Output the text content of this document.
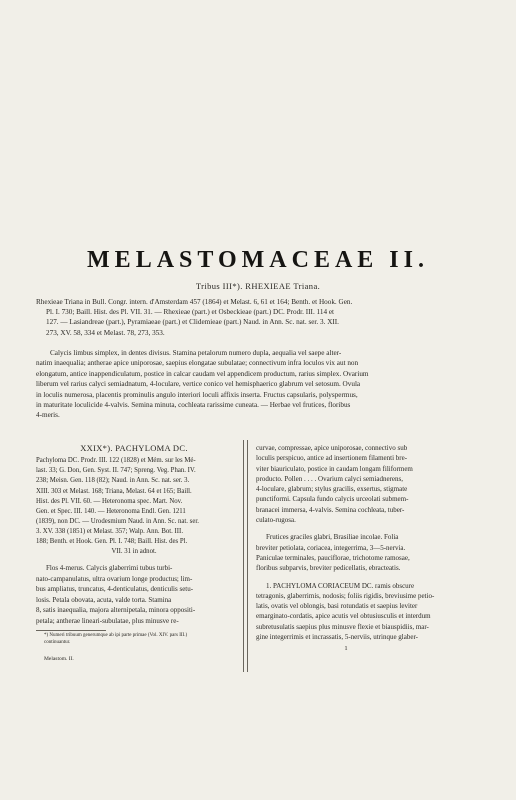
MELASTOMACEAE II.
Tribus III*). RHEXIEAE Triana.
Rhexieae Triana in Bull. Congr. intern. d'Amsterdam 457 (1864) et Melast. 6, 61 et 164; Benth. et Hook. Gen.
Pl. I. 730; Baill. Hist. des Pl. VII. 31. — Rhexieae (part.) et Osbeckieae (part.) DC. Prodr. III. 114 et
127. — Lasiandreae (part.), Pyramiaeae (part.) et Clidemieae (part.) Naud. in Ann. Sc. nat. ser. 3. XII.
273, XV. 58, 334 et Melast. 78, 273, 353.
Calycis limbus simplex, in dentes divisus. Stamina petalorum numero dupla, aequalia vel saepe alter-
natim inaequalia; antherae apice uniporosae, saepius elongatae subulatae; connectivum infra loculos vix aut non
elongatum, antice inappendiculatum, postice in calcar caudam vel appendicem productum, rarius simplex. Ovarium
liberum vel rarius calyci semiadnatum, 4-loculare, vertice conico vel hemisphaerico glabrum vel setosum. Ovula
in loculis numerosa, placentis prominulis angulo interiori loculi affixis inserta. Fructus capsularis, polyspermus,
in maturitate loculicide 4-valvis. Semina minuta, cochleata rarissime cuneata. — Herbae vel frutices, floribus
4-meris.
XXIX*). PACHYLOMA DC.
Pachyloma DC. Prodr. III. 122 (1828) et Mém. sur les Mé-
last. 33; G. Don, Gen. Syst. II. 747; Spreng. Veg. Phan. IV.
238; Meisn. Gen. 118 (82); Naud. in Ann. Sc. nat. ser. 3.
XIII. 303 et Melast. 168; Triana, Melast. 64 et 165; Baill.
Hist. des Pl. VII. 60. — Heteronoma spec. Mart. Nov.
Gen. et Spec. III. 140. — Heteronoma Endl. Gen. 1211
(1839), non DC. — Urodesmium Naud. in Ann. Sc. nat. ser.
3. XV. 338 (1851) et Melast. 357; Walp. Ann. Bot. III.
188; Benth. et Hook. Gen. Pl. I. 748; Baill. Hist. des Pl.
VII. 31 in adnot.
Flos 4-merus. Calycis glaberrimi tubus turbi-
nato-campanulatus, ultra ovarium longe productus; lim-
bus ampliatus, truncatus, 4-denticulatus, denticulis setu-
losis. Petala obovata, acuta, valde torta. Stamina
8, satis inaequalia, majora alternipetala, minora oppositi-
petala; antherae lineari-subulatae, plus minusve re-
*) Numeri tribuum generumque ab ipi parte primae (Vol. XIV. pars III.)
continuantur.
Melastom. II.
curvae, compressae, apice uniporosae, connectivo sub
loculis perspicuo, antice ad insertionem filamenti bre-
viter biauriculato, postice in caudam longam filiformem
producto. Pollen . . . . Ovarium calyci semiadnerens,
4-loculare, glabrum; stylus gracilis, exsertus, stigmate
punctiformi. Capsula fundo calycis urceolati submem-
branacei immersa, 4-valvis. Semina cochleata, tuber-
culato-rugosa.
Frutices graciles glabri, Brasiliae incolae. Folia
breviter petiolata, coriacea, integerrima, 3—5-nervia.
Paniculae terminales, pauciflorae, trichotome ramosae,
floribus subparvis, breviter pedicellatis, ebracteatis.
1. PACHYLOMA CORIACEUM DC. ramis obscure
tetragonis, glaberrimis, nodosis; foliis rigidis, breviusime petio-
latis, ovatis vel oblongis, basi rotundatis et saepius leviter
emarginato-cordatis, apice acutis vel obtusiusculis et interdum
subretusulatis saepius plus minusve flexie et biauspidiis, mar-
gine integerrimis et incrassatis, 5-nerviis, utrinque glaber-
1
